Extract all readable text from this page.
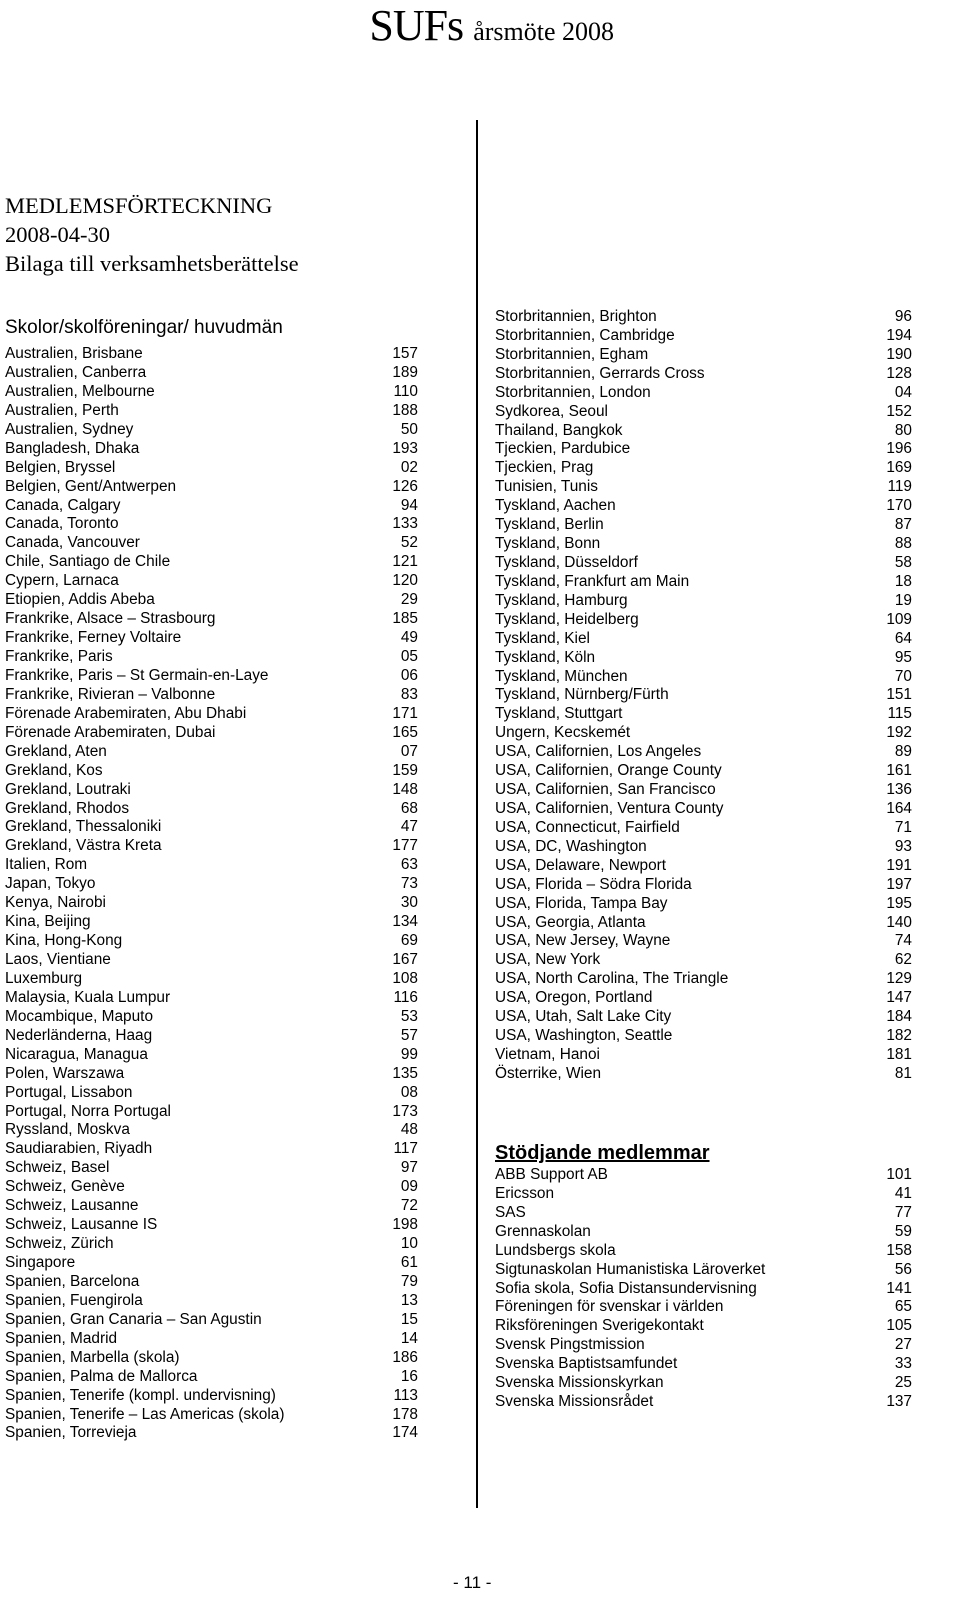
SUFs årsmöte 2008
MEDLEMSFÖRTECKNING
2008-04-30
Bilaga till verksamhetsberättelse
Skolor/skolföreningar/ huvudmän
Australien, Brisbane	157
Australien, Canberra	189
Australien, Melbourne	110
Australien, Perth	188
Australien, Sydney	50
Bangladesh, Dhaka	193
Belgien, Bryssel	02
Belgien, Gent/Antwerpen	126
Canada, Calgary	94
Canada, Toronto	133
Canada, Vancouver	52
Chile, Santiago de Chile	121
Cypern, Larnaca	120
Etiopien, Addis Abeba	29
Frankrike, Alsace – Strasbourg	185
Frankrike, Ferney Voltaire	49
Frankrike, Paris	05
Frankrike, Paris – St Germain-en-Laye	06
Frankrike, Rivieran – Valbonne	83
Förenade Arabemiraten, Abu Dhabi	171
Förenade Arabemiraten, Dubai	165
Grekland, Aten	07
Grekland, Kos	159
Grekland, Loutraki	148
Grekland, Rhodos	68
Grekland, Thessaloniki	47
Grekland, Västra Kreta	177
Italien, Rom	63
Japan, Tokyo	73
Kenya, Nairobi	30
Kina, Beijing	134
Kina, Hong-Kong	69
Laos, Vientiane	167
Luxemburg	108
Malaysia, Kuala Lumpur	116
Mocambique, Maputo	53
Nederländerna, Haag	57
Nicaragua, Managua	99
Polen, Warszawa	135
Portugal, Lissabon	08
Portugal, Norra Portugal	173
Ryssland, Moskva	48
Saudiarabien, Riyadh	117
Schweiz, Basel	97
Schweiz, Genève	09
Schweiz, Lausanne	72
Schweiz, Lausanne IS	198
Schweiz, Zürich	10
Singapore	61
Spanien, Barcelona	79
Spanien, Fuengirola	13
Spanien, Gran Canaria – San Agustin	15
Spanien, Madrid	14
Spanien, Marbella (skola)	186
Spanien, Palma de Mallorca	16
Spanien, Tenerife (kompl. undervisning)	113
Spanien, Tenerife – Las Americas (skola)	178
Spanien, Torrevieja	174
Storbritannien, Brighton	96
Storbritannien, Cambridge	194
Storbritannien, Egham	190
Storbritannien, Gerrards Cross	128
Storbritannien, London	04
Sydkorea, Seoul	152
Thailand, Bangkok	80
Tjeckien, Pardubice	196
Tjeckien, Prag	169
Tunisien, Tunis	119
Tyskland, Aachen	170
Tyskland, Berlin	87
Tyskland, Bonn	88
Tyskland, Düsseldorf	58
Tyskland, Frankfurt am Main	18
Tyskland, Hamburg	19
Tyskland, Heidelberg	109
Tyskland, Kiel	64
Tyskland, Köln	95
Tyskland, München	70
Tyskland, Nürnberg/Fürth	151
Tyskland, Stuttgart	115
Ungern, Kecskemét	192
USA, Californien, Los Angeles	89
USA, Californien, Orange County	161
USA, Californien, San Francisco	136
USA, Californien, Ventura County	164
USA, Connecticut, Fairfield	71
USA, DC, Washington	93
USA, Delaware, Newport	191
USA, Florida – Södra Florida	197
USA, Florida, Tampa Bay	195
USA, Georgia, Atlanta	140
USA, New Jersey, Wayne	74
USA, New York	62
USA, North Carolina, The Triangle	129
USA, Oregon, Portland	147
USA, Utah, Salt Lake City	184
USA, Washington, Seattle	182
Vietnam, Hanoi	181
Österrike, Wien	81
Stödjande medlemmar
ABB Support AB	101
Ericsson	41
SAS	77
Grennaskolan	59
Lundsbergs skola	158
Sigtunaskolan Humanistiska Läroverket	56
Sofia skola, Sofia Distansundervisning	141
Föreningen för svenskar i världen	65
Riksföreningen Sverigekontakt	105
Svensk Pingstmission	27
Svenska Baptistsamfundet	33
Svenska Missionskyrkan	25
Svenska Missionsrådet	137
- 11 -
